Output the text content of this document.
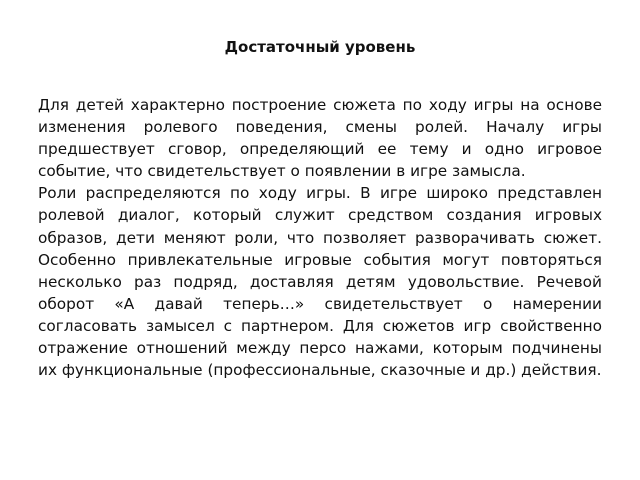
Достаточный уровень

Для детей характерно построение сюжета по ходу игры на основе изменения ролевого поведения, смены ролей. Началу игры предшествует сговор, определяющий ее тему и одно игровое событие, что свидетельствует о появлении в игре замысла.

Роли распределяются по ходу игры. В игре широко представлен ролевой диалог, который служит средством создания игровых образов, дети меняют роли, что позволяет разворачивать сюжет. Особенно привлекательные игровые события могут повторяться несколько раз подряд, доставляя детям удовольствие. Речевой оборот «А давай теперь…» свидетельствует о намерении согласовать замысел с партнером. Для сюжетов игр свойственно отражение отношений между персо нажами, которым подчинены их функциональные (профессиональные, сказочные и др.) действия.
